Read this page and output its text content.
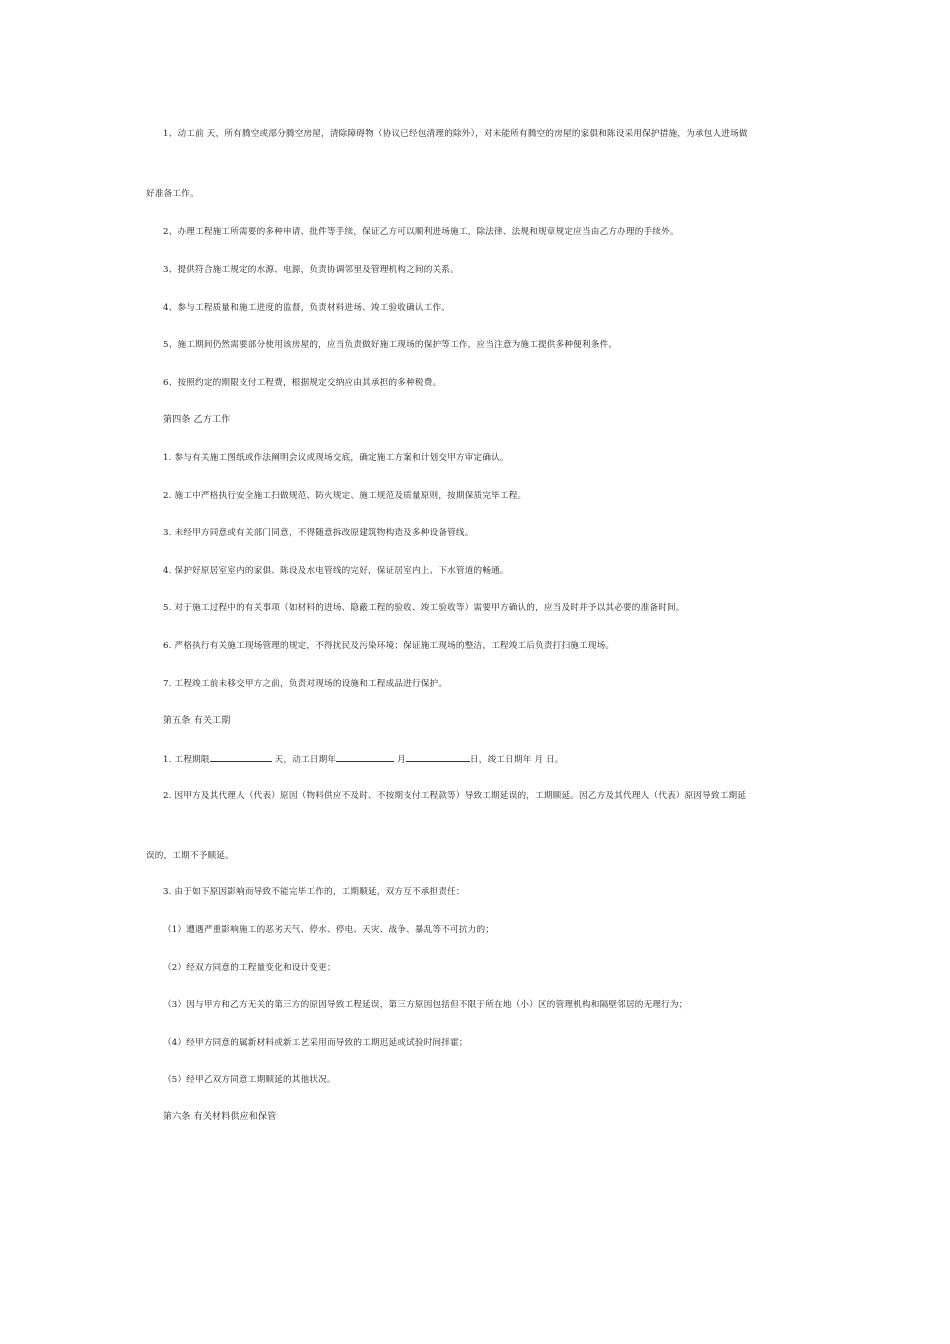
1、动工前 天，所有腾空或部分腾空房屋，清除障碍物（协议已经包清理的除外），对未能所有腾空的房屋的家俱和陈设采用保护措施，为承包人进场做
好准备工作。
2、办理工程施工所需要的多种申请、批件等手续，保证乙方可以顺利进场施工，除法律、法规和规章规定应当由乙方办理的手续外。
3、提供符合施工规定的水源、电源，负责协调邻里及管理机构之间的关系。
4、参与工程质量和施工进度的监督，负责材料进场、竣工验收确认工作。
5、施工期间仍然需要部分使用该房屋的，应当负责做好施工现场的保护等工作，应当注意为施工提供多种便利条件。
6、按照约定的期限支付工程费，根据规定交纳应由其承担的多种税费。
第四条 乙方工作
1. 参与有关施工图纸或作法阐明会议或现场交底，确定施工方案和计划交甲方审定确认。
2. 施工中严格执行安全施工扫做规范、防火规定、施工规范及质量原则，按期保质完毕工程。
3. 未经甲方同意或有关部门同意，不得随意拆改原建筑物构造及多种设备管线。
4. 保护好原居室室内的家俱、陈设及水电管线的完好，保证居室内上、下水管道的畅通。
5. 对于施工过程中的有关事项（如材料的进场、隐蔽工程的验收、竣工验收等）需要甲方确认的，应当及时并予以其必要的准备时间。
6. 严格执行有关施工现场管理的规定，不得扰民及污染环境；保证施工现场的整洁，工程竣工后负责打扫施工现场。
7. 工程竣工前未移交甲方之前，负责对现场的设施和工程成品进行保护。
第五条 有关工期
1. 工程期限	天，动工日期年	月	日，竣工日期年 月 日。
2. 因甲方及其代理人（代表）原因（物料供应不及时、不按期支付工程款等）导致工期延误的，工期顺延。因乙方及其代理人（代表）原因导致工期延
误的，工期不予顺延。
3. 由于如下原因影响而导致不能完毕工作的，工期顺延，双方互不承担责任：
（1）遭遇严重影响施工的恶劣天气、停水、停电、天灾、战争、暴乱等不可抗力的；
（2）经双方同意的工程量变化和设计变更；
（3）因与甲方和乙方无关的第三方的原因导致工程延误，第三方原因包括但不限于所在地（小）区的管理机构和隔壁邻居的无理行为；
（4）经甲方同意的属新材料或新工艺采用而导致的工期迟延或试验时间拝霍；
（5）经甲乙双方同意工期顺延的其他状况。
第六条 有关材料供应和保管
